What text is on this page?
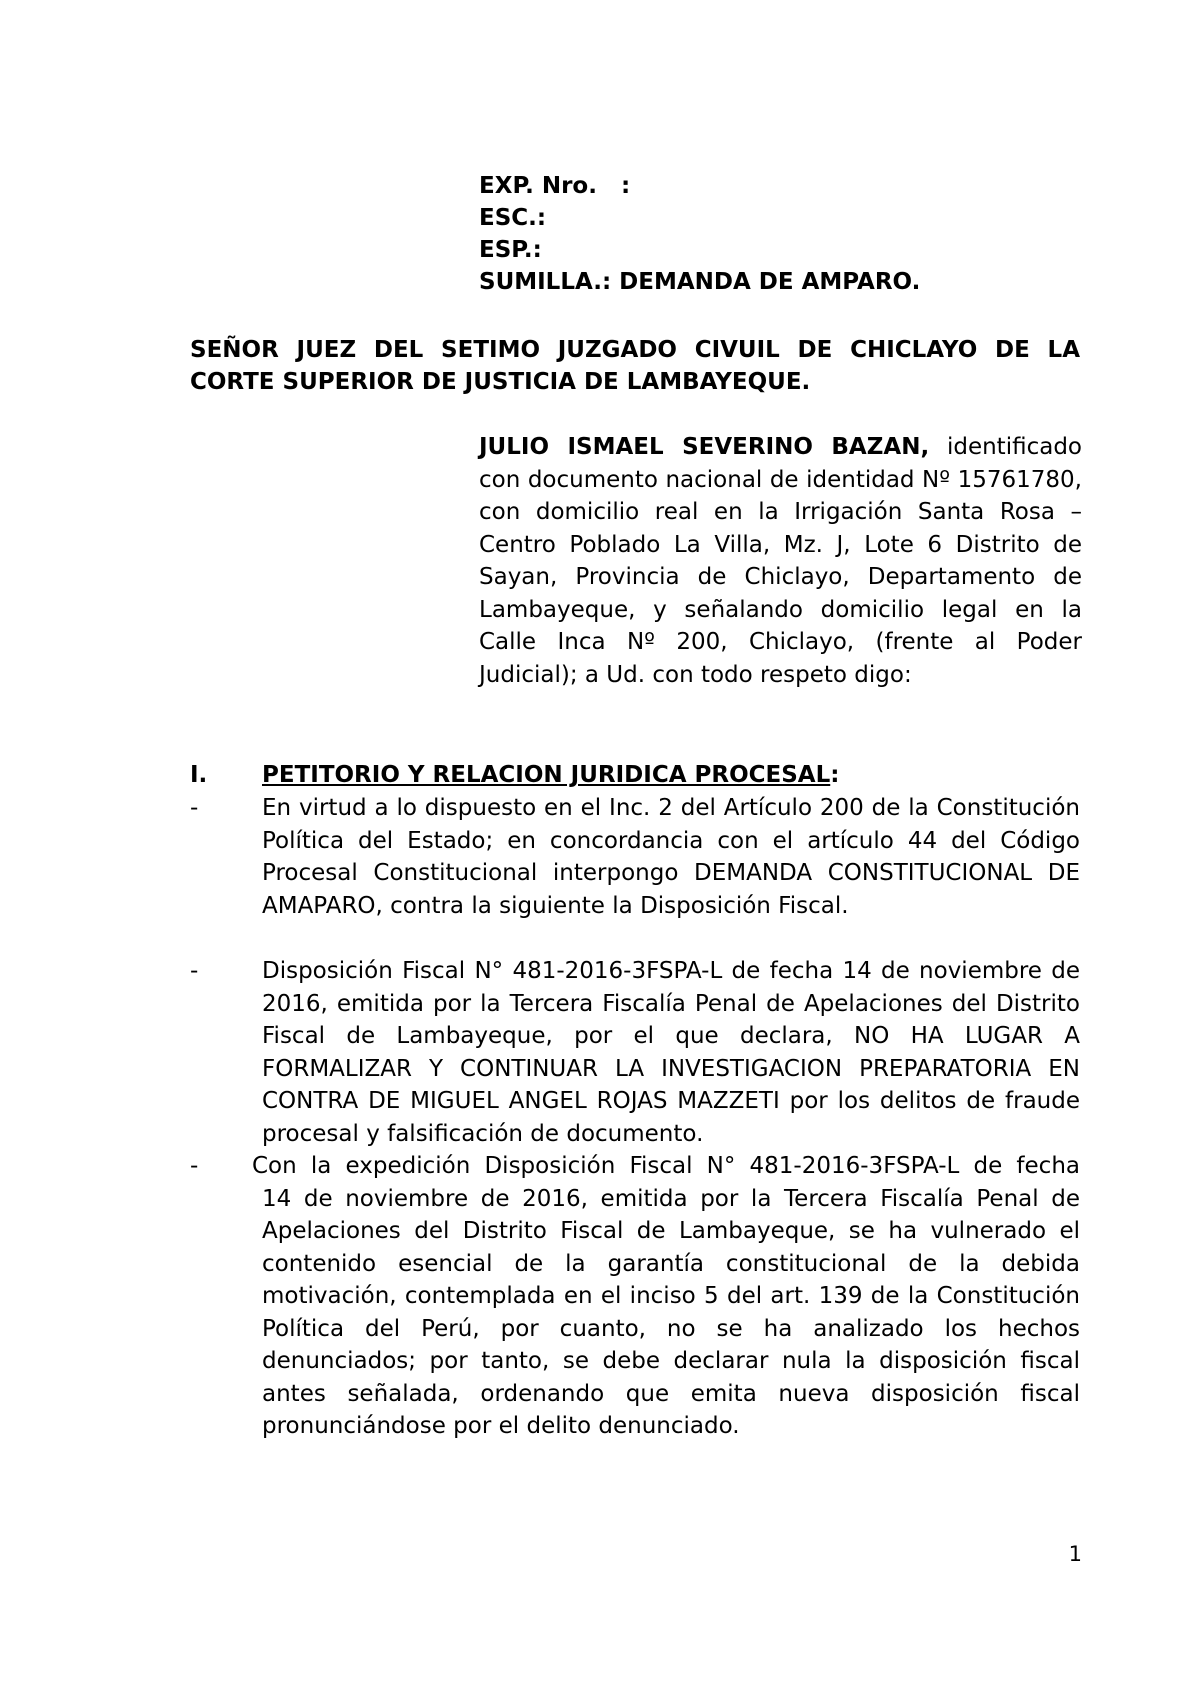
EXP. Nro.   :
ESC.:
ESP.:
SUMILLA.: DEMANDA DE AMPARO.
SEÑOR JUEZ DEL SETIMO JUZGADO CIVUIL DE CHICLAYO DE LA CORTE SUPERIOR DE JUSTICIA DE LAMBAYEQUE.
JULIO ISMAEL SEVERINO BAZAN, identificado con documento nacional de identidad Nº 15761780, con domicilio real en la Irrigación Santa Rosa – Centro Poblado La Villa, Mz. J, Lote 6 Distrito de Sayan, Provincia de Chiclayo, Departamento de Lambayeque, y señalando domicilio legal en la Calle Inca Nº 200, Chiclayo, (frente al Poder Judicial); a Ud. con todo respeto digo:
I. PETITORIO Y RELACION JURIDICA PROCESAL:
-	En virtud a lo dispuesto en el Inc. 2 del Artículo 200 de la Constitución Política del Estado; en concordancia con el artículo 44 del Código Procesal Constitucional interpongo DEMANDA CONSTITUCIONAL DE AMAPARO, contra la siguiente la Disposición Fiscal.
-	Disposición Fiscal N° 481-2016-3FSPA-L de fecha 14 de noviembre de 2016, emitida por la Tercera Fiscalía Penal de Apelaciones del Distrito Fiscal de Lambayeque, por el que declara, NO HA LUGAR A FORMALIZAR Y CONTINUAR LA INVESTIGACION PREPARATORIA EN CONTRA DE MIGUEL ANGEL ROJAS MAZZETI por los delitos de fraude procesal y falsificación de documento.
- Con la expedición Disposición Fiscal N° 481-2016-3FSPA-L de fecha
14 de noviembre de 2016, emitida por la Tercera Fiscalía Penal de Apelaciones del Distrito Fiscal de Lambayeque, se ha vulnerado el contenido esencial de la garantía constitucional de la debida motivación, contemplada en el inciso 5 del art. 139 de la Constitución Política del Perú, por cuanto, no se ha analizado los hechos denunciados; por tanto, se debe declarar nula la disposición fiscal antes señalada, ordenando que emita nueva disposición fiscal pronunciándose por el delito denunciado.
1
